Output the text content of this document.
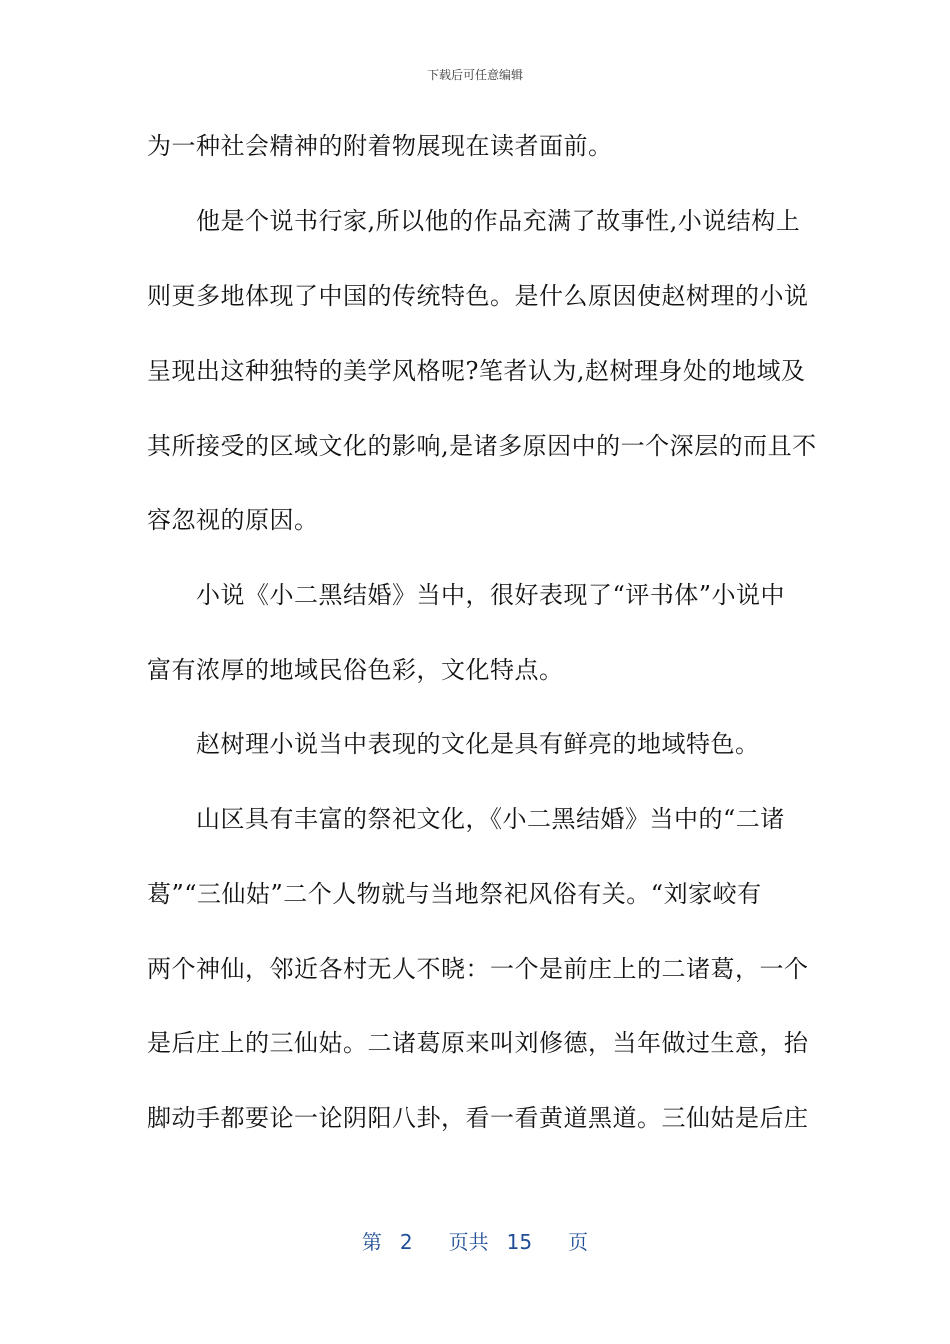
下载后可任意编辑
为一种社会精神的附着物展现在读者面前。
　　他是个说书行家,所以他的作品充满了故事性,小说结构上
则更多地体现了中国的传统特色。是什么原因使赵树理的小说
呈现出这种独特的美学风格呢?笔者认为,赵树理身处的地域及
其所接受的区域文化的影响,是诸多原因中的一个深层的而且不
容忽视的原因。
　　小说《小二黑结婚》当中，很好表现了“评书体”小说中
富有浓厚的地域民俗色彩，文化特点。
　　赵树理小说当中表现的文化是具有鲜亮的地域特色。
　　山区具有丰富的祭祀文化，《小二黑结婚》当中的“二诸
葛”“三仙姑”二个人物就与当地祭祀风俗有关。“刘家峧有
两个神仙，邻近各村无人不晓：一个是前庄上的二诸葛，一个
是后庄上的三仙姑。二诸葛原来叫刘修德，当年做过生意，抬
脚动手都要论一论阴阳八卦，看一看黄道黑道。三仙姑是后庄
第 2 页共 15 页
